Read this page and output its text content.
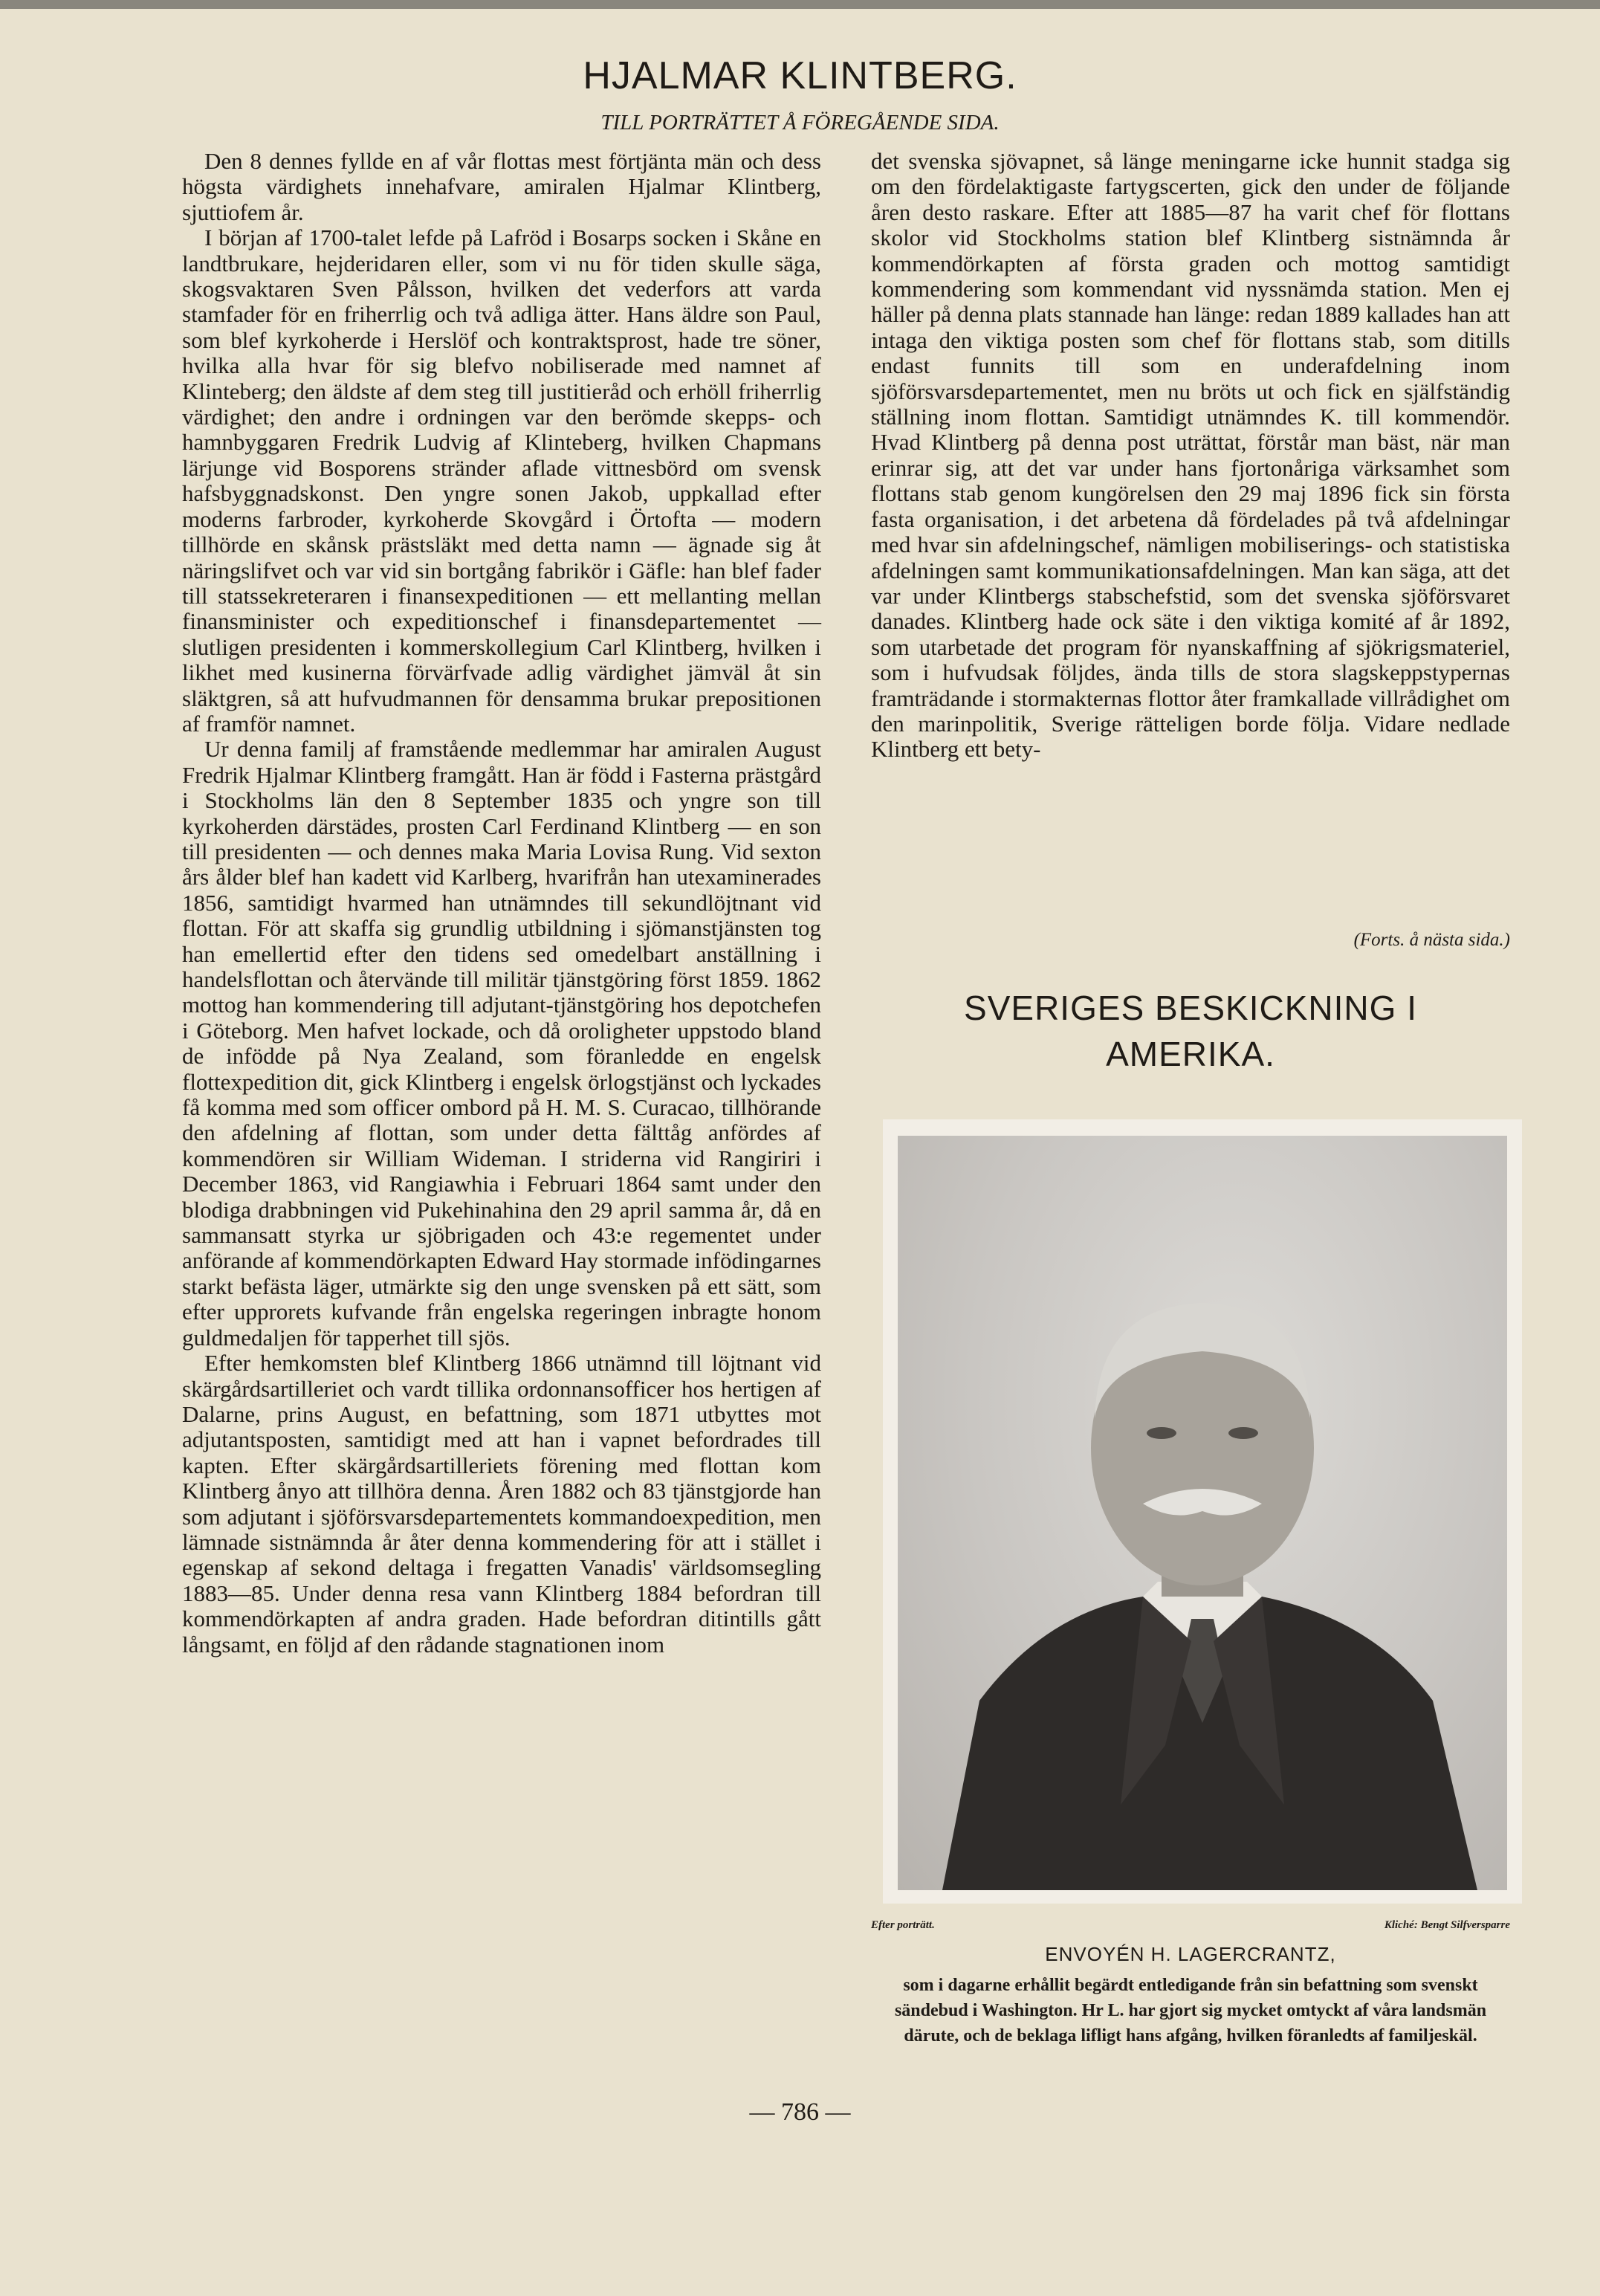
HJALMAR KLINTBERG.
TILL PORTRÄTTET Å FÖREGÅENDE SIDA.

Den 8 dennes fyllde en af vår flottas mest förtjänta män och dess högsta värdighets innehafvare, amiralen Hjalmar Klintberg, sjuttiofem år.

I början af 1700-talet lefde på Lafröd i Bosarps socken i Skåne en landtbrukare, hejderidaren eller, som vi nu för tiden skulle säga, skogsvaktaren Sven Pålsson, hvilken det vederfors att varda stamfader för en friherrlig och två adliga ätter. Hans äldre son Paul, som blef kyrkoherde i Herslöf och kontraktsprost, hade tre söner, hvilka alla hvar för sig blefvo nobiliserade med namnet af Klinteberg; den äldste af dem steg till justitieråd och erhöll friherrlig värdighet; den andre i ordningen var den berömde skepps- och hamnbyggaren Fredrik Ludvig af Klinteberg, hvilken Chapmans lärjunge vid Bosporens stränder aflade vittnesbörd om svensk hafsbyggnadskonst. Den yngre sonen Jakob, uppkallad efter moderns farbroder, kyrkoherde Skovgård i Örtofta — modern tillhörde en skånsk prästsläkt med detta namn — ägnade sig åt näringslifvet och var vid sin bortgång fabrikör i Gäfle: han blef fader till statssekreteraren i finansexpeditionen — ett mellanting mellan finansminister och expeditionschef i finansdepartementet — slutligen presidenten i kommerskollegium Carl Klintberg, hvilken i likhet med kusinerna förvärfvade adlig värdighet jämväl åt sin släktgren, så att hufvudmannen för densamma brukar prepositionen af framför namnet.

Ur denna familj af framstående medlemmar har amiralen August Fredrik Hjalmar Klintberg framgått. Han är född i Fasterna prästgård i Stockholms län den 8 September 1835 och yngre son till kyrkoherden därstädes, prosten Carl Ferdinand Klintberg — en son till presidenten — och dennes maka Maria Lovisa Rung. Vid sexton års ålder blef han kadett vid Karlberg, hvarifrån han utexaminerades 1856, samtidigt hvarmed han utnämndes till sekundlöjtnant vid flottan. För att skaffa sig grundlig utbildning i sjömanstjänsten tog han emellertid efter den tidens sed omedelbart anställning i handelsflottan och återvände till militär tjänstgöring först 1859. 1862 mottog han kommendering till adjutant-tjänstgöring hos depotchefen i Göteborg. Men hafvet lockade, och då oroligheter uppstodo bland de infödde på Nya Zealand, som föranledde en engelsk flottexpedition dit, gick Klintberg i engelsk örlogstjänst och lyckades få komma med som officer ombord på H. M. S. Curacao, tillhörande den afdelning af flottan, som under detta fälttåg anfördes af kommendören sir William Wideman. I striderna vid Rangiriri i December 1863, vid Rangiawhia i Februari 1864 samt under den blodiga drabbningen vid Pukehinahina den 29 april samma år, då en sammansatt styrka ur sjöbrigaden och 43:e regementet under anförande af kommendörkapten Edward Hay stormade infödingarnes starkt befästa läger, utmärkte sig den unge svensken på ett sätt, som efter upprorets kufvande från engelska regeringen inbragte honom guldmedaljen för tapperhet till sjös.

Efter hemkomsten blef Klintberg 1866 utnämnd till löjtnant vid skärgårdsartilleriet och vardt tillika ordonnansofficer hos hertigen af Dalarne, prins August, en befattning, som 1871 utbyttes mot adjutantsposten, samtidigt med att han i vapnet befordrades till kapten. Efter skärgårdsartilleriets förening med flottan kom Klintberg ånyo att tillhöra denna. Åren 1882 och 83 tjänstgjorde han som adjutant i sjöförsvarsdepartementets kommandoexpedition, men lämnade sistnämnda år åter denna kommendering för att i stället i egenskap af sekond deltaga i fregatten Vanadis' världsomsegling 1883—85. Under denna resa vann Klintberg 1884 befordran till kommendörkapten af andra graden. Hade befordran ditintills gått långsamt, en följd af den rådande stagnationen inom

det svenska sjövapnet, så länge meningarne icke hunnit stadga sig om den fördelaktigaste fartygscerten, gick den under de följande åren desto raskare. Efter att 1885—87 ha varit chef för flottans skolor vid Stockholms station blef Klintberg sistnämnda år kommendörkapten af första graden och mottog samtidigt kommendering som kommendant vid nyssnämda station. Men ej häller på denna plats stannade han länge: redan 1889 kallades han att intaga den viktiga posten som chef för flottans stab, som ditills endast funnits till som en underafdelning inom sjöförsvarsdepartementet, men nu bröts ut och fick en själfständig ställning inom flottan. Samtidigt utnämndes K. till kommendör. Hvad Klintberg på denna post uträttat, förstår man bäst, när man erinrar sig, att det var under hans fjortonåriga värksamhet som flottans stab genom kungörelsen den 29 maj 1896 fick sin första fasta organisation, i det arbetena då fördelades på två afdelningar med hvar sin afdelningschef, nämligen mobiliserings- och statistiska afdelningen samt kommunikationsafdelningen. Man kan säga, att det var under Klintbergs stabschefstid, som det svenska sjöförsvaret danades. Klintberg hade ock säte i den viktiga komité af år 1892, som utarbetade det program för nyanskaffning af sjökrigsmateriel, som i hufvudsak följdes, ända tills de stora slagskeppstypernas framträdande i stormakternas flottor åter framkallade villrådighet om den marinpolitik, Sverige rätteligen borde följa. Vidare nedlade Klintberg ett bety-

(Forts. å nästa sida.)
SVERIGES BESKICKNING I
AMERIKA.
Efter porträtt.	Kliché: Bengt Silfversparre
ENVOYÉN H. LAGERCRANTZ,
som i dagarne erhållit begärdt entledigande från sin befattning som svenskt sändebud i Washington. Hr L. har gjort sig mycket omtyckt af våra landsmän därute, och de beklaga lifligt hans afgång, hvilken föranledts af familjeskäl.
— 786 —
